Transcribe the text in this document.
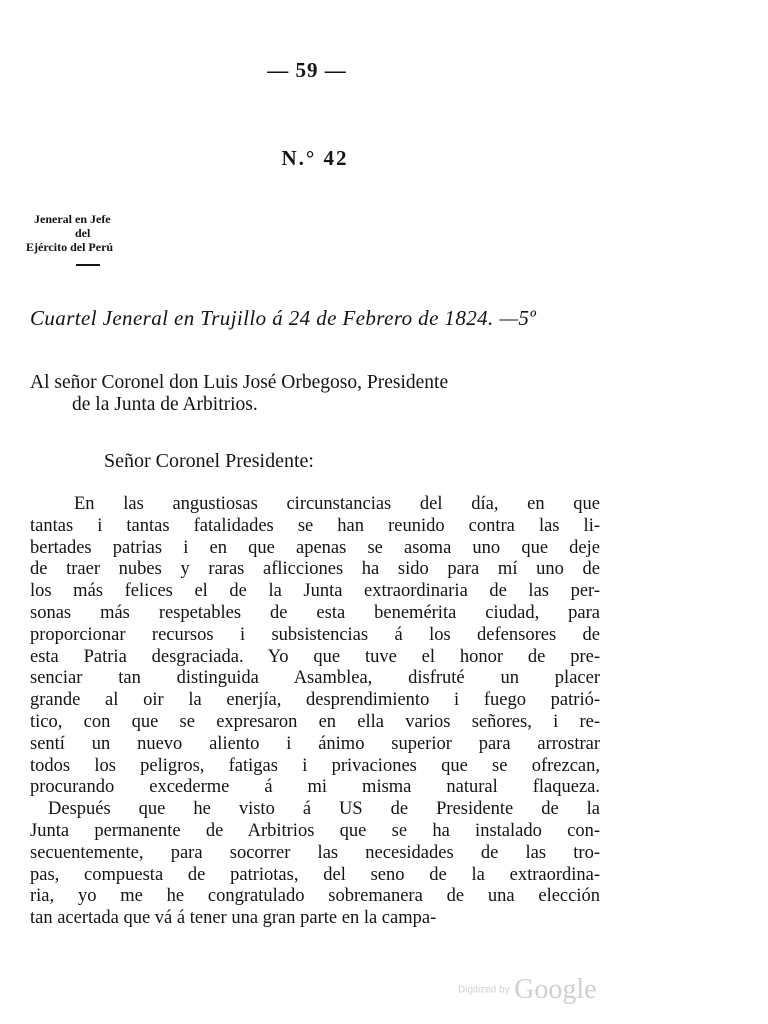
— 59 —
N.° 42
Jeneral en Jefe
del
Ejército del Perú
Cuartel Jeneral en Trujillo á 24 de Febrero de 1824. —5º
Al señor Coronel don Luis José Orbegoso, Presidente
de la Junta de Arbitrios.
Señor Coronel Presidente:
En las angustiosas circunstancias del día, en que
tantas i tantas fatalidades se han reunido contra las li-
bertades patrias i en que apenas se asoma uno que deje
de traer nubes y raras aflicciones ha sido para mí uno de
los más felices el de la Junta extraordinaria de las per-
sonas más respetables de esta benemérita ciudad, para
proporcionar recursos i subsistencias á los defensores de
esta Patria desgraciada. Yo que tuve el honor de pre-
senciar tan distinguida Asamblea, disfruté un placer
grande al oir la enerjía, desprendimiento i fuego patrió-
tico, con que se expresaron en ella varios señores, i re-
sentí un nuevo aliento i ánimo superior para arrostrar
todos los peligros, fatigas i privaciones que se ofrezcan,
procurando excederme á mi misma natural flaqueza.
Después que he visto á US de Presidente de la
Junta permanente de Arbitrios que se ha instalado con-
secuentemente, para socorrer las necesidades de las tro-
pas, compuesta de patriotas, del seno de la extraordina-
ria, yo me he congratulado sobremanera de una elección
tan acertada que vá á tener una gran parte en la campa-
Digitized by Google
